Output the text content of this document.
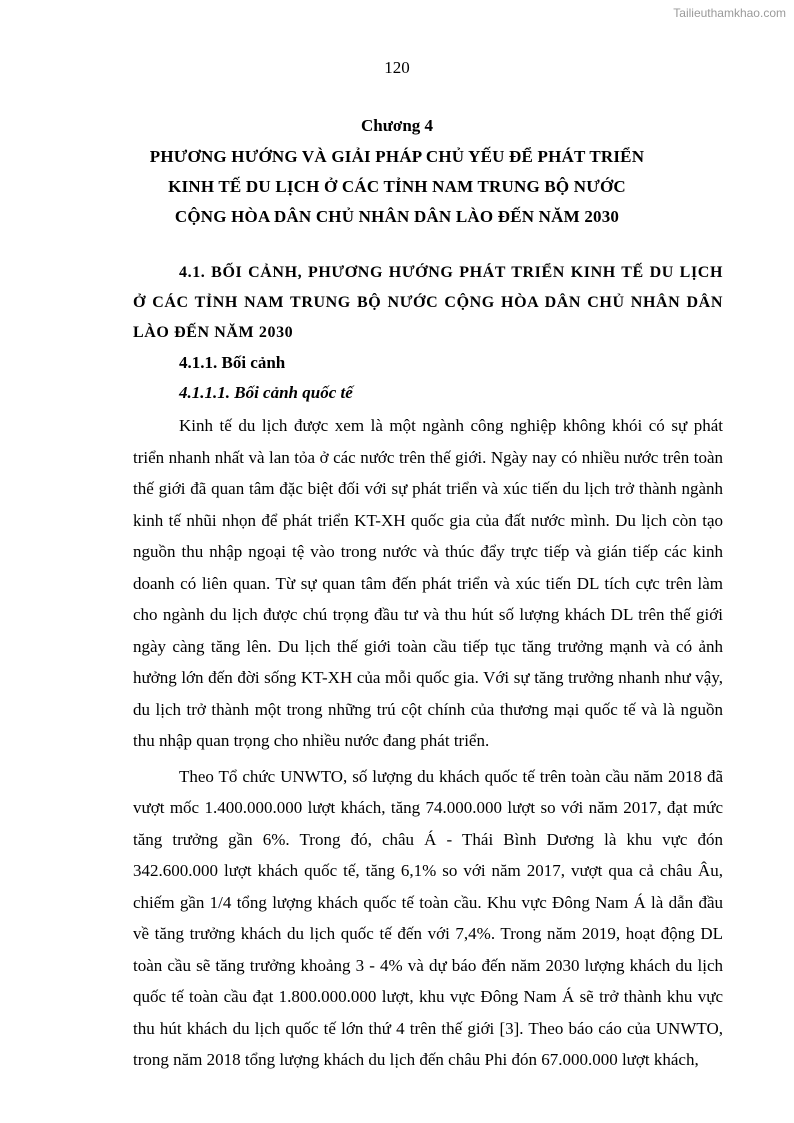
Tailieuthamkhao.com
120
Chương 4
PHƯƠNG HƯỚNG VÀ GIẢI PHÁP CHỦ YẾU ĐỂ PHÁT TRIỂN
KINH TẾ DU LỊCH Ở CÁC TỈNH NAM TRUNG BỘ NƯỚC
CỘNG HÒA DÂN CHỦ NHÂN DÂN LÀO ĐẾN NĂM 2030
4.1. BỐI CẢNH, PHƯƠNG HƯỚNG PHÁT TRIỂN KINH TẾ DU LỊCH Ở CÁC TỈNH NAM TRUNG BỘ NƯỚC CỘNG HÒA DÂN CHỦ NHÂN DÂN LÀO ĐẾN NĂM 2030
4.1.1. Bối cảnh
4.1.1.1. Bối cảnh quốc tế

Kinh tế du lịch được xem là một ngành công nghiệp không khói có sự phát triển nhanh nhất và lan tỏa ở các nước trên thế giới. Ngày nay có nhiều nước trên toàn thế giới đã quan tâm đặc biệt đối với sự phát triển và xúc tiến du lịch trở thành ngành kinh tế nhũi nhọn để phát triển KT-XH quốc gia của đất nước mình. Du lịch còn tạo nguồn thu nhập ngoại tệ vào trong nước và thúc đẩy trực tiếp và gián tiếp các kinh doanh có liên quan. Từ sự quan tâm đến phát triển và xúc tiến DL tích cực trên làm cho ngành du lịch được chú trọng đầu tư và thu hút số lượng khách DL trên thế giới ngày càng tăng lên. Du lịch thế giới toàn cầu tiếp tục tăng trưởng mạnh và có ảnh hưởng lớn đến đời sống KT-XH của mỗi quốc gia. Với sự tăng trưởng nhanh như vậy, du lịch trở thành một trong những trú cột chính của thương mại quốc tế và là nguồn thu nhập quan trọng cho nhiều nước đang phát triển.

Theo Tổ chức UNWTO, số lượng du khách quốc tế trên toàn cầu năm 2018 đã vượt mốc 1.400.000.000 lượt khách, tăng 74.000.000 lượt so với năm 2017, đạt mức tăng trưởng gần 6%. Trong đó, châu Á - Thái Bình Dương là khu vực đón 342.600.000 lượt khách quốc tế, tăng 6,1% so với năm 2017, vượt qua cả châu Âu, chiếm gần 1/4 tổng lượng khách quốc tế toàn cầu. Khu vực Đông Nam Á là dẫn đầu về tăng trưởng khách du lịch quốc tế đến với 7,4%. Trong năm 2019, hoạt động DL toàn cầu sẽ tăng trưởng khoảng 3 - 4% và dự báo đến năm 2030 lượng khách du lịch quốc tế toàn cầu đạt 1.800.000.000 lượt, khu vực Đông Nam Á sẽ trở thành khu vực thu hút khách du lịch quốc tế lớn thứ 4 trên thế giới [3]. Theo báo cáo của UNWTO, trong năm 2018 tổng lượng khách du lịch đến châu Phi đón 67.000.000 lượt khách,
